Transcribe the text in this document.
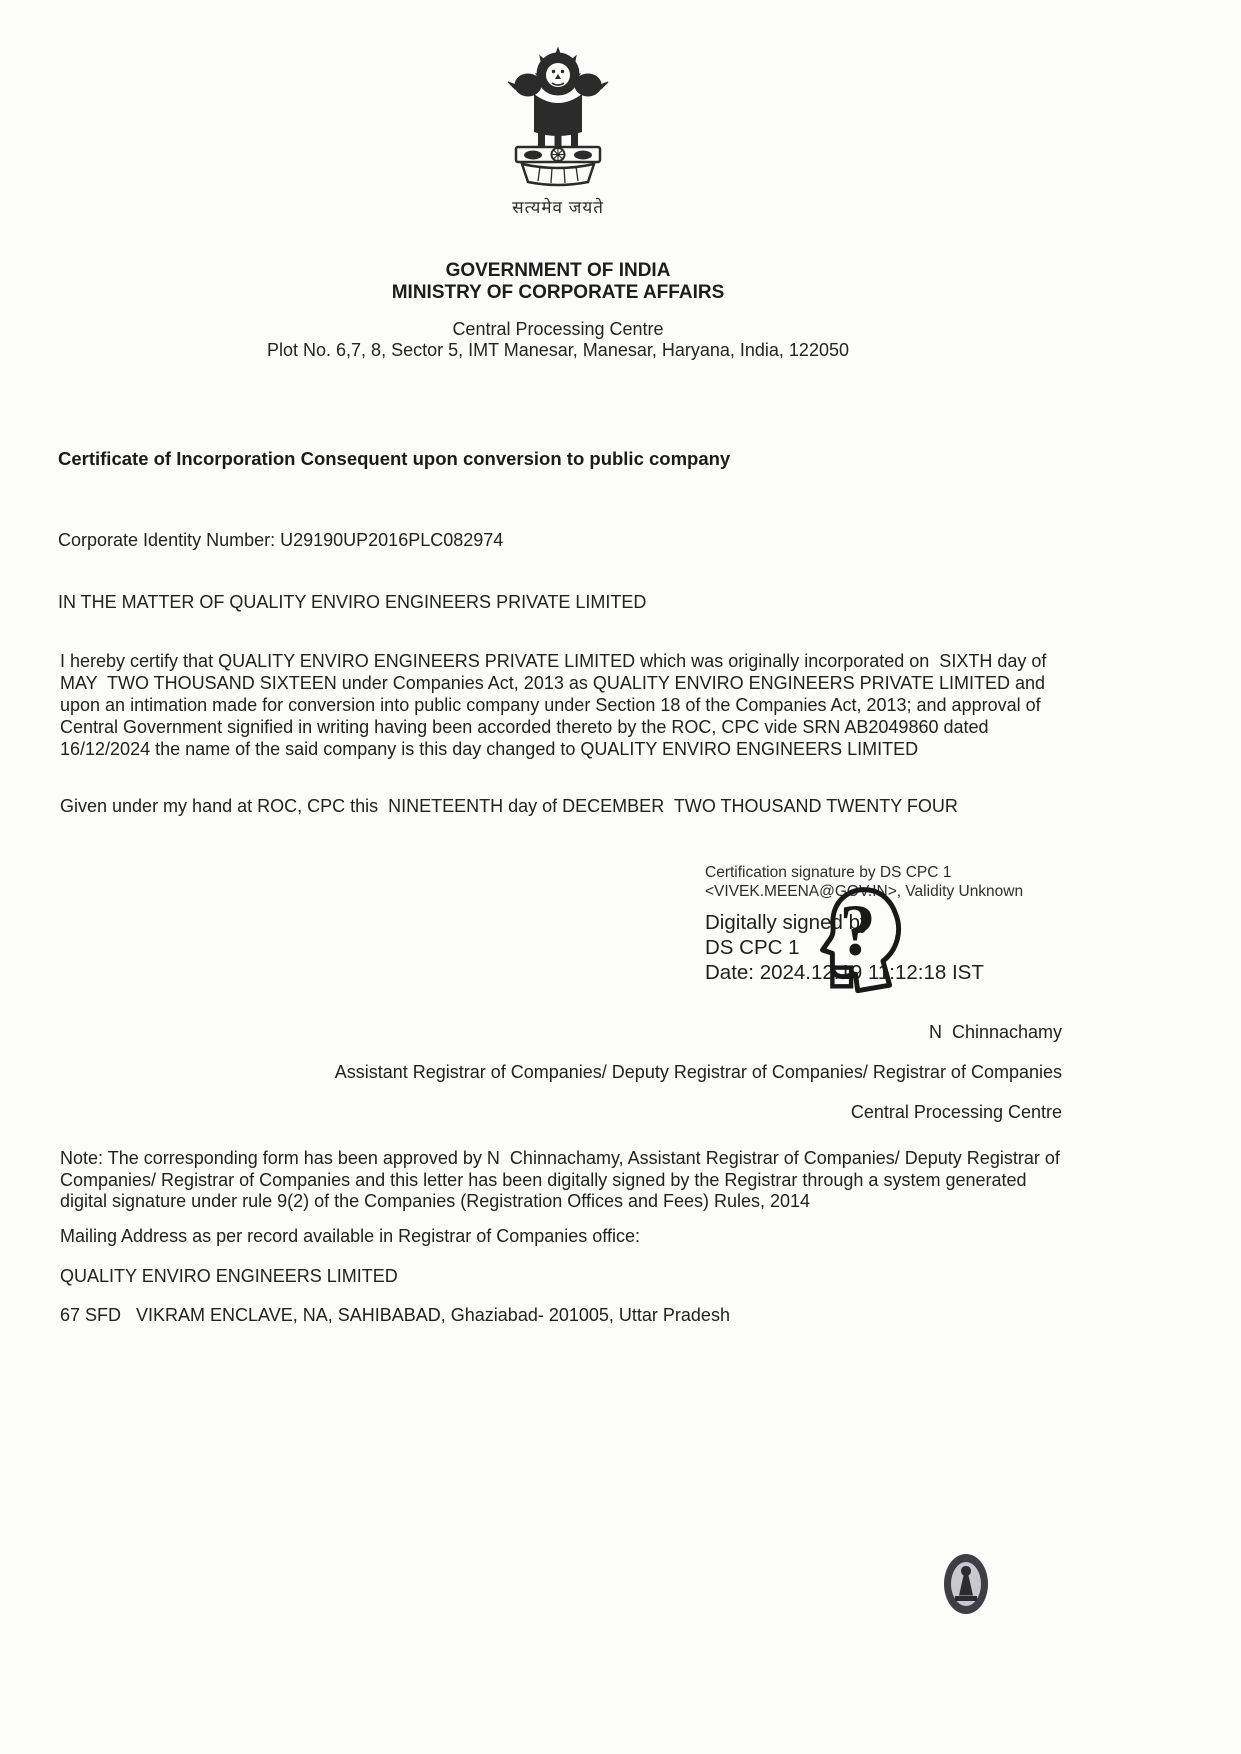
सत्यमेव जयते
GOVERNMENT OF INDIA
MINISTRY OF CORPORATE AFFAIRS
Central Processing Centre
Plot No. 6,7, 8, Sector 5, IMT Manesar, Manesar, Haryana, India, 122050
Certificate of Incorporation Consequent upon conversion to public company
Corporate Identity Number: U29190UP2016PLC082974
IN THE MATTER OF QUALITY ENVIRO ENGINEERS PRIVATE LIMITED
I hereby certify that QUALITY ENVIRO ENGINEERS PRIVATE LIMITED which was originally incorporated on  SIXTH day of MAY  TWO THOUSAND SIXTEEN under Companies Act, 2013 as QUALITY ENVIRO ENGINEERS PRIVATE LIMITED and upon an intimation made for conversion into public company under Section 18 of the Companies Act, 2013; and approval of Central Government signified in writing having been accorded thereto by the ROC, CPC vide SRN AB2049860 dated 16/12/2024 the name of the said company is this day changed to QUALITY ENVIRO ENGINEERS LIMITED
Given under my hand at ROC, CPC this  NINETEENTH day of DECEMBER  TWO THOUSAND TWENTY FOUR
Certification signature by DS CPC 1
<VIVEK.MEENA@GOV.IN>, Validity Unknown
Digitally signed by
DS CPC 1
Date: 2024.12.19 11:12:18 IST
?
N  Chinnachamy
Assistant Registrar of Companies/ Deputy Registrar of Companies/ Registrar of Companies
Central Processing Centre
Note: The corresponding form has been approved by N  Chinnachamy, Assistant Registrar of Companies/ Deputy Registrar of Companies/ Registrar of Companies and this letter has been digitally signed by the Registrar through a system generated digital signature under rule 9(2) of the Companies (Registration Offices and Fees) Rules, 2014
Mailing Address as per record available in Registrar of Companies office:
QUALITY ENVIRO ENGINEERS LIMITED
67 SFD   VIKRAM ENCLAVE, NA, SAHIBABAD, Ghaziabad- 201005, Uttar Pradesh
